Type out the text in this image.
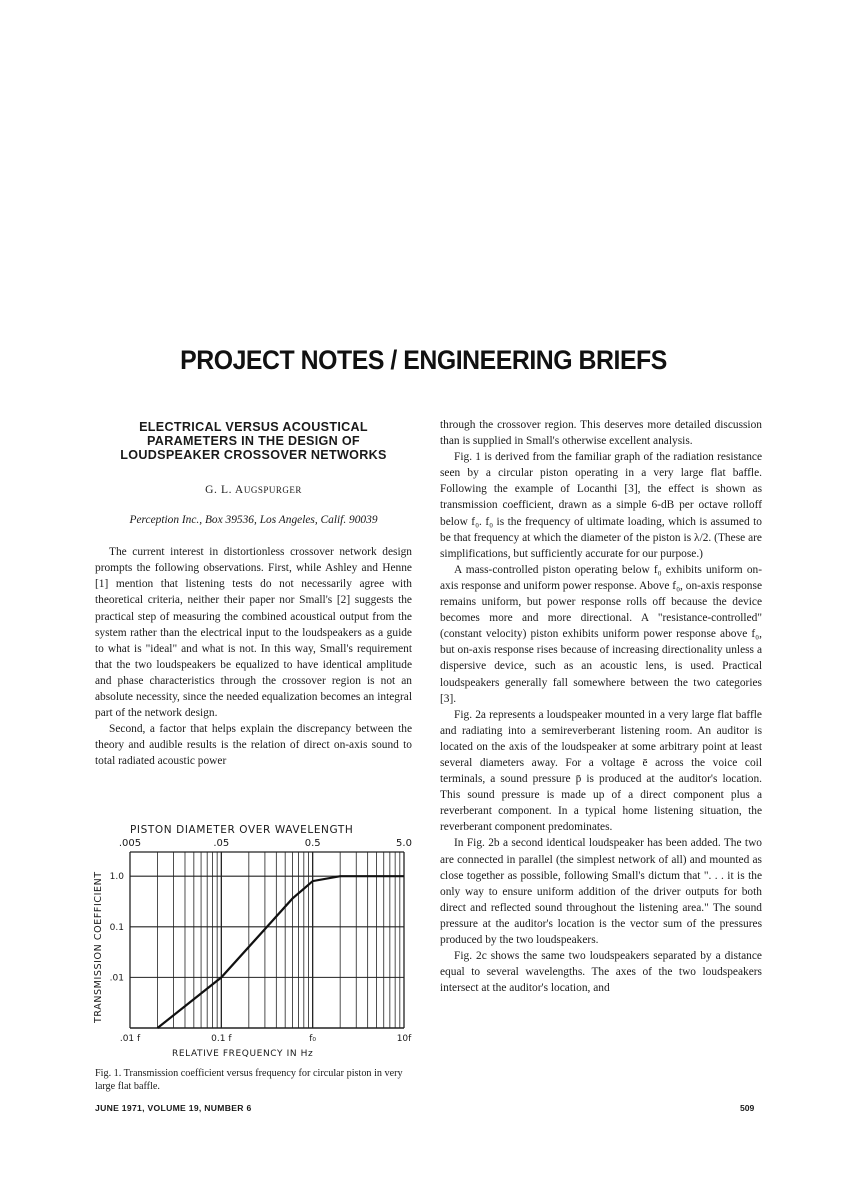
PROJECT NOTES / ENGINEERING BRIEFS
ELECTRICAL VERSUS ACOUSTICAL
PARAMETERS IN THE DESIGN OF
LOUDSPEAKER CROSSOVER NETWORKS
G. L. AUGSPURGER
Perception Inc., Box 39536, Los Angeles, Calif. 90039

The current interest in distortionless crossover network design prompts the following observations. First, while Ashley and Henne [1] mention that listening tests do not necessarily agree with theoretical criteria, neither their paper nor Small's [2] suggests the practical step of measuring the combined acoustical output from the system rather than the electrical input to the loudspeakers as a guide to what is "ideal" and what is not. In this way, Small's requirement that the two loudspeakers be equalized to have identical amplitude and phase characteristics through the crossover region is not an absolute necessity, since the needed equalization becomes an integral part of the network design.

Second, a factor that helps explain the discrepancy between the theory and audible results is the relation of direct on-axis sound to total radiated acoustic power

through the crossover region. This deserves more detailed discussion than is supplied in Small's otherwise excellent analysis.

Fig. 1 is derived from the familiar graph of the radiation resistance seen by a circular piston operating in a very large flat baffle. Following the example of Locanthi [3], the effect is shown as transmission coefficient, drawn as a simple 6-dB per octave rolloff below f₀. f₀ is the frequency of ultimate loading, which is assumed to be that frequency at which the diameter of the piston is λ/2. (These are simplifications, but sufficiently accurate for our purpose.)

A mass-controlled piston operating below f₀ exhibits uniform on-axis response and uniform power response. Above f₀, on-axis response remains uniform, but power response rolls off because the device becomes more and more directional. A "resistance-controlled" (constant velocity) piston exhibits uniform power response above f₀, but on-axis response rises because of increasing directionality unless a dispersive device, such as an acoustic lens, is used. Practical loudspeakers generally fall somewhere between the two categories [3].

Fig. 2a represents a loudspeaker mounted in a very large flat baffle and radiating into a semireverberant listening room. An auditor is located on the axis of the loudspeaker at some arbitrary point at least several diameters away. For a voltage ē across the voice coil terminals, a sound pressure p̄ is produced at the auditor's location. This sound pressure is made up of a direct component plus a reverberant component. In a typical home listening situation, the reverberant component predominates.

In Fig. 2b a second identical loudspeaker has been added. The two are connected in parallel (the simplest network of all) and mounted as close together as possible, following Small's dictum that ". . . it is the only way to ensure uniform addition of the driver outputs for both direct and reflected sound throughout the listening area." The sound pressure at the auditor's location is the vector sum of the pressures produced by the two loudspeakers.

Fig. 2c shows the same two loudspeakers separated by a distance equal to several wavelengths. The axes of the two loudspeakers intersect at the auditor's location, and

PISTON DIAMETER OVER WAVELENGTH
RELATIVE FREQUENCY IN Hz
TRANSMISSION COEFFICIENT
.005	.05	0.5	5.0
.01 f	0.1 f	f₀	10f
1.0
0.1
.01
Fig. 1. Transmission coefficient versus frequency for circular piston in very large flat baffle.
JUNE 1971, VOLUME 19, NUMBER 6	509
